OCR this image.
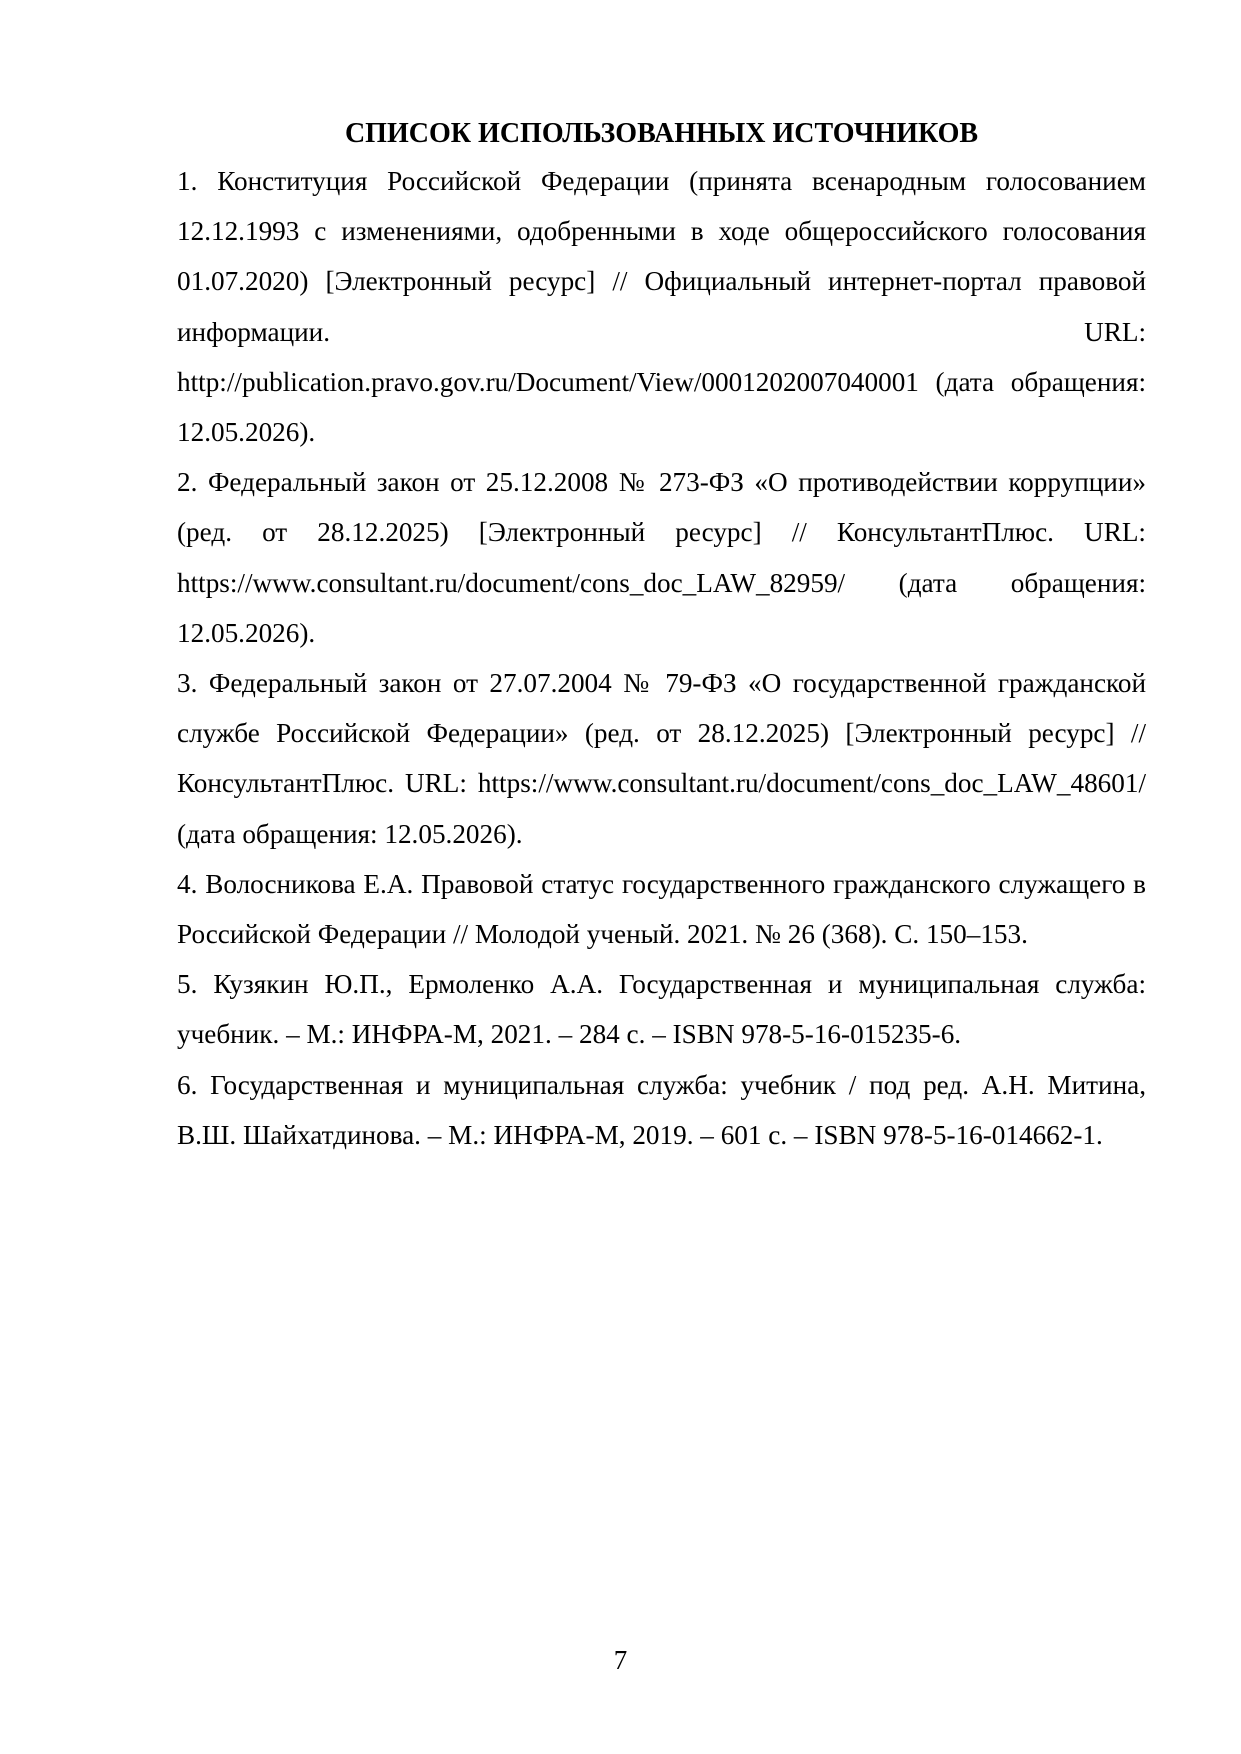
СПИСОК ИСПОЛЬЗОВАННЫХ ИСТОЧНИКОВ

1. Конституция Российской Федерации (принята всенародным голосованием 12.12.1993 с изменениями, одобренными в ходе общероссийского голосования 01.07.2020) [Электронный ресурс] // Официальный интернет-портал правовой информации. URL: http://publication.pravo.gov.ru/Document/View/0001202007040001 (дата обращения: 12.05.2026).

2. Федеральный закон от 25.12.2008 № 273-ФЗ «О противодействии коррупции» (ред. от 28.12.2025) [Электронный ресурс] // КонсультантПлюс. URL: https://www.consultant.ru/document/cons_doc_LAW_82959/ (дата обращения: 12.05.2026).

3. Федеральный закон от 27.07.2004 № 79-ФЗ «О государственной гражданской службе Российской Федерации» (ред. от 28.12.2025) [Электронный ресурс] // КонсультантПлюс. URL: https://www.consultant.ru/document/cons_doc_LAW_48601/ (дата обращения: 12.05.2026).

4. Волосникова Е.А. Правовой статус государственного гражданского служащего в Российской Федерации // Молодой ученый. 2021. № 26 (368). С. 150–153.

5. Кузякин Ю.П., Ермоленко А.А. Государственная и муниципальная служба: учебник. – М.: ИНФРА-М, 2021. – 284 с. – ISBN 978-5-16-015235-6.

6. Государственная и муниципальная служба: учебник / под ред. А.Н. Митина, В.Ш. Шайхатдинова. – М.: ИНФРА-М, 2019. – 601 с. – ISBN 978-5-16-014662-1.

7
